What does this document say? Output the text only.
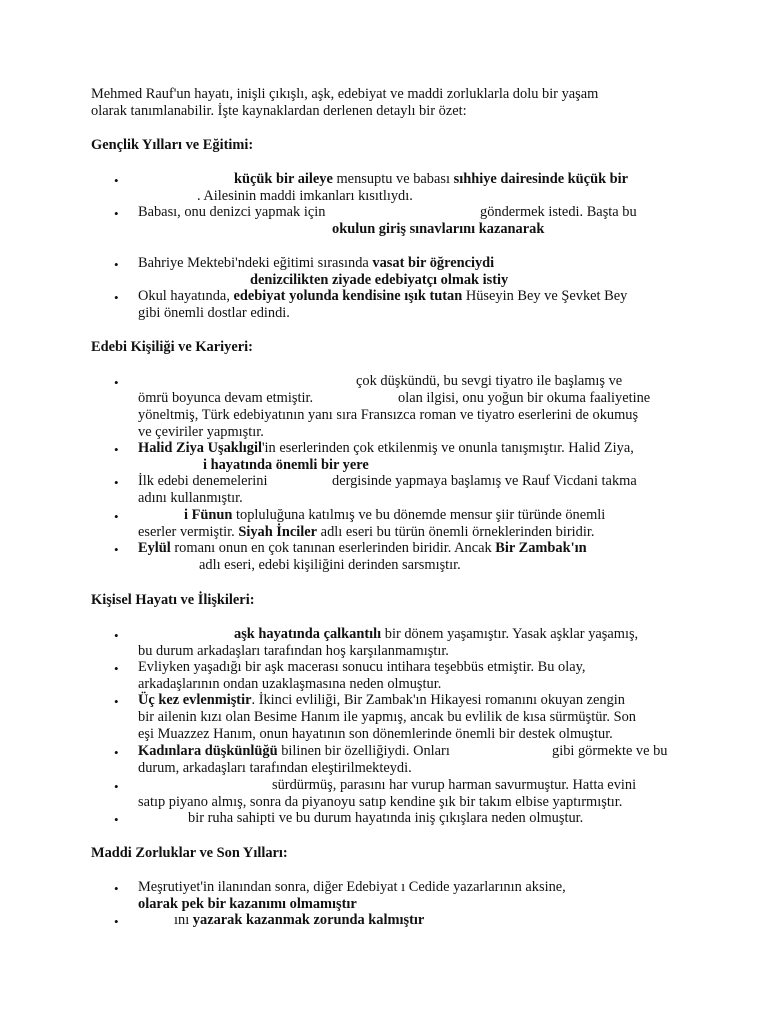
Mehmed Rauf'un hayatı, inişli çıkışlı, aşk, edebiyat ve maddi zorluklarla dolu bir yaşam
olarak tanımlanabilir. İşte kaynaklardan derlenen detaylı bir özet:
Gençlik Yılları ve Eğitimi:
•	küçük bir aileye mensuptu ve babası sıhhiye dairesinde küçük bir
. Ailesinin maddi imkanları kısıtlıydı.
• Babası, onu denizci yapmak için	göndermek istedi. Başta bu
okulun giriş sınavlarını kazanarak
• Bahriye Mektebi'ndeki eğitimi sırasında vasat bir öğrenciydi
denizcilikten ziyade edebiyatçı olmak istiy
• Okul hayatında, edebiyat yolunda kendisine ışık tutan Hüseyin Bey ve Şevket Bey
gibi önemli dostlar edindi.
Edebi Kişiliği ve Kariyeri:
•	çok düşkündü, bu sevgi tiyatro ile başlamış ve
ömrü boyunca devam etmiştir.	olan ilgisi, onu yoğun bir okuma faaliyetine
yöneltmiş, Türk edebiyatının yanı sıra Fransızca roman ve tiyatro eserlerini de okumuş
ve çeviriler yapmıştır.
• Halid Ziya Uşaklıgil'in eserlerinden çok etkilenmiş ve onunla tanışmıştır. Halid Ziya,
i hayatında önemli bir yere
• İlk edebi denemelerini	dergisinde yapmaya başlamış ve Rauf Vicdani takma
adını kullanmıştır.
•	i Fünun topluluğuna katılmış ve bu dönemde mensur şiir türünde önemli
eserler vermiştir. Siyah İnciler adlı eseri bu türün önemli örneklerinden biridir.
• Eylül romanı onun en çok tanınan eserlerinden biridir. Ancak Bir Zambak'ın
adlı eseri, edebi kişiliğini derinden sarsmıştır.
Kişisel Hayatı ve İlişkileri:
•	aşk hayatında çalkantılı bir dönem yaşamıştır. Yasak aşklar yaşamış,
bu durum arkadaşları tarafından hoş karşılanmamıştır.
• Evliyken yaşadığı bir aşk macerası sonucu intihara teşebbüs etmiştir. Bu olay,
arkadaşlarının ondan uzaklaşmasına neden olmuştur.
• Üç kez evlenmiştir. İkinci evliliği, Bir Zambak'ın Hikayesi romanını okuyan zengin
bir ailenin kızı olan Besime Hanım ile yapmış, ancak bu evlilik de kısa sürmüştür. Son
eşi Muazzez Hanım, onun hayatının son dönemlerinde önemli bir destek olmuştur.
• Kadınlara düşkünlüğü bilinen bir özelliğiydi. Onları	gibi görmekte ve bu
durum, arkadaşları tarafından eleştirilmekteydi.
•	sürdürmüş, parasını har vurup harman savurmuştur. Hatta evini
satıp piyano almış, sonra da piyanoyu satıp kendine şık bir takım elbise yaptırmıştır.
•	bir ruha sahipti ve bu durum hayatında iniş çıkışlara neden olmuştur.
Maddi Zorluklar ve Son Yılları:
• Meşrutiyet'in ilanından sonra, diğer Edebiyat ı Cedide yazarlarının aksine,
olarak pek bir kazanımı olmamıştır
•	ını yazarak kazanmak zorunda kalmıştır
